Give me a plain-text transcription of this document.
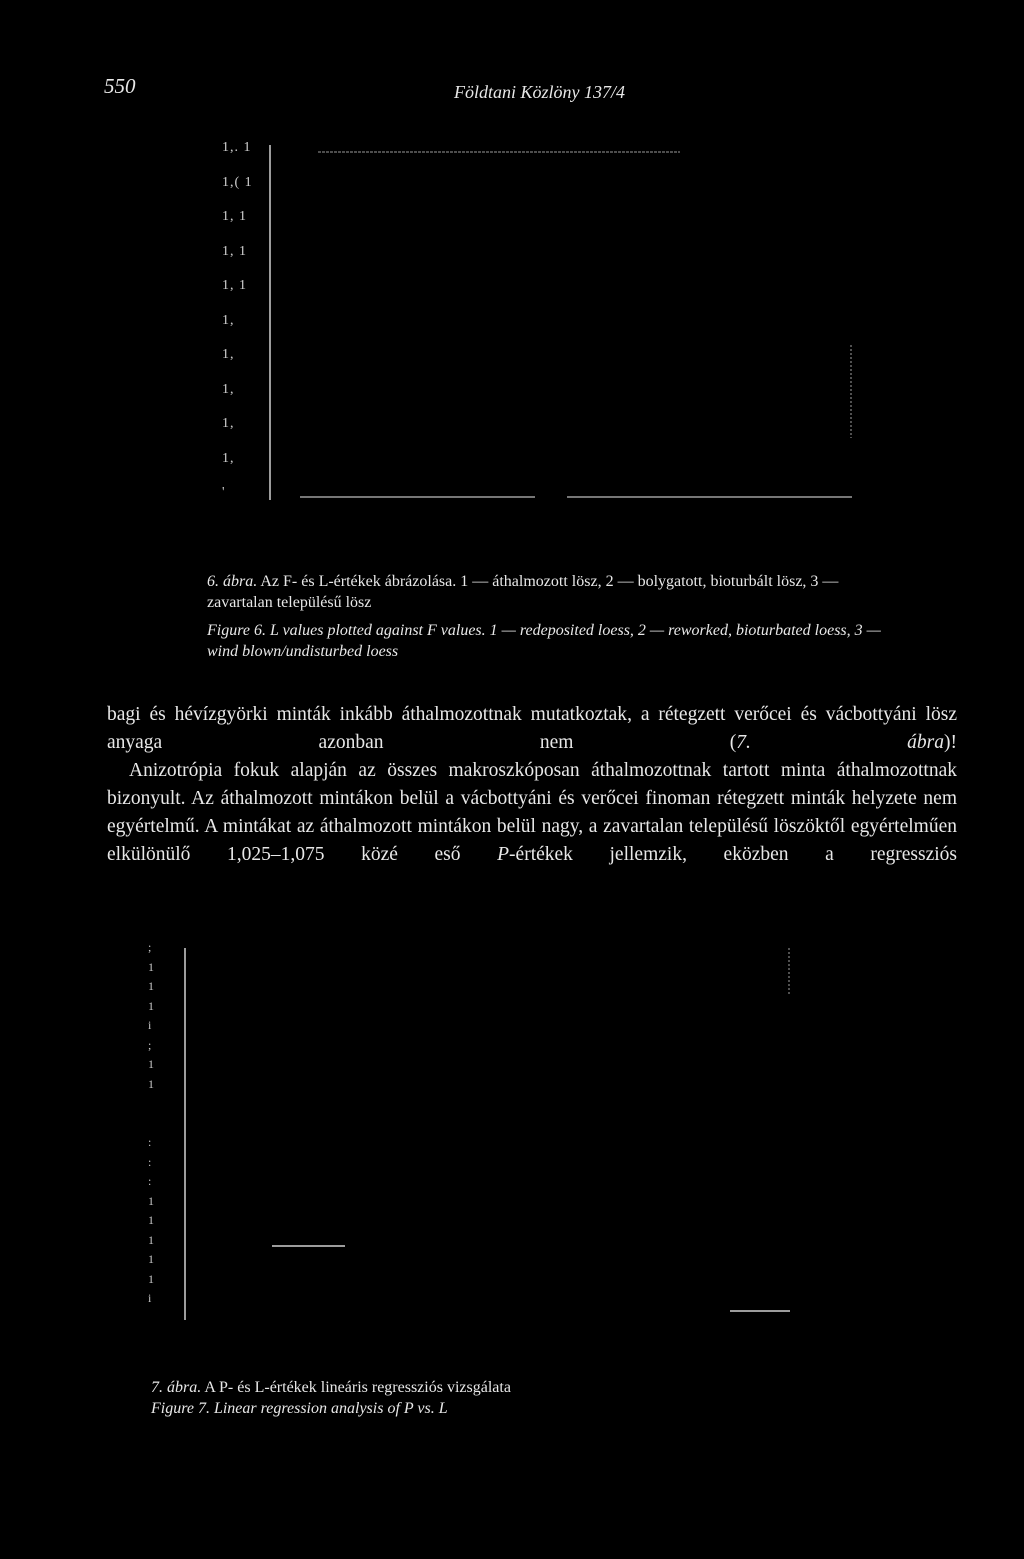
550	Földtani Közlöny 137/4
1,. 1
1,( 1
1, 1
1, 1
1, 1
1,
1,
1,
1,
1,
'
6. ábra. Az F- és L-értékek ábrázolása. 1 — áthalmozott lösz, 2 — bolygatott, bioturbált lösz, 3 — zavartalan településű lösz
Figure 6. L values plotted against F values. 1 — redeposited loess, 2 — reworked, bioturbated loess, 3 — wind blown/undisturbed loess

bagi és hévízgyörki minták inkább áthalmozottnak mutatkoztak, a rétegzett verőcei és vácbottyáni lösz anyaga azonban nem (7. ábra)!

Anizotrópia fokuk alapján az összes makroszkóposan áthalmozottnak tartott minta áthalmozottnak bizonyult. Az áthalmozott mintákon belül a vácbottyáni és verőcei finoman rétegzett minták helyzete nem egyértelmű. A mintákat az áthalmozott mintákon belül nagy, a zavartalan településű löszöktől egyértelműen elkülönülő 1,025–1,075 közé eső P-értékek jellemzik, eközben a regressziós

;
1
1
1
i
;
1
1
:
:
:
1
1
1
1
1
i
7. ábra. A P- és L-értékek lineáris regressziós vizsgálata
Figure 7. Linear regression analysis of P vs. L
